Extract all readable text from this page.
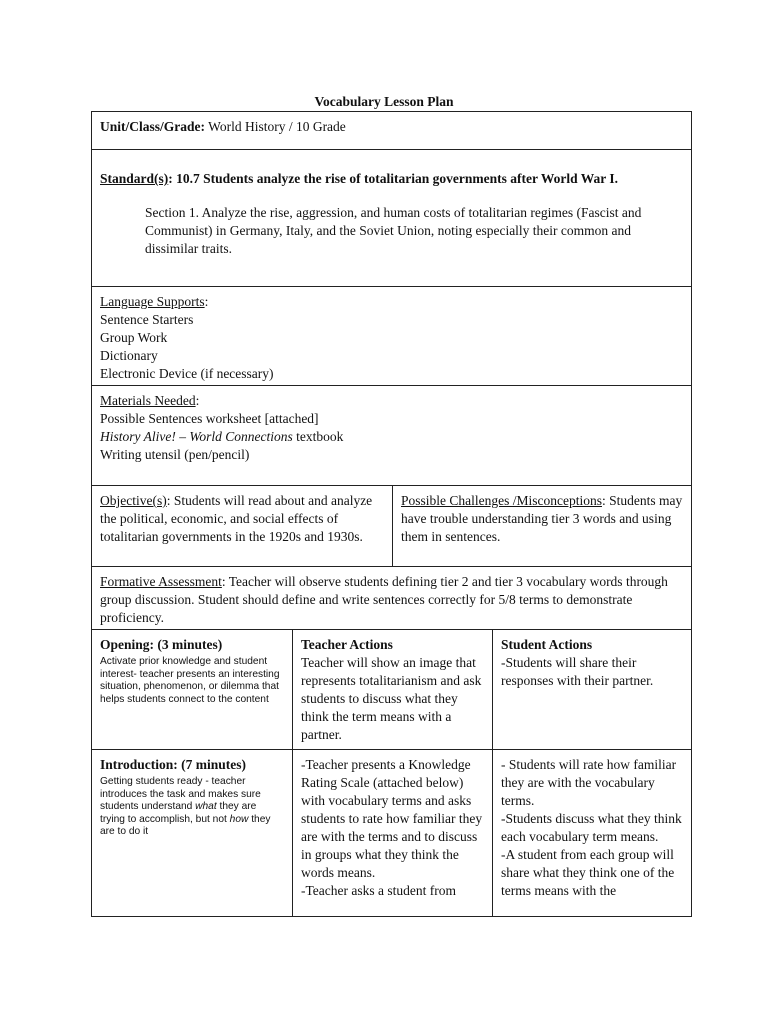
Vocabulary Lesson Plan
Unit/Class/Grade: World History / 10 Grade
Standard(s): 10.7 Students analyze the rise of totalitarian governments after World War I.
Section 1. Analyze the rise, aggression, and human costs of totalitarian regimes (Fascist and Communist) in Germany, Italy, and the Soviet Union, noting especially their common and dissimilar traits.
Language Supports:
Sentence Starters
Group Work
Dictionary
Electronic Device (if necessary)
Materials Needed:
Possible Sentences worksheet [attached]
History Alive! – World Connections textbook
Writing utensil (pen/pencil)
Objective(s): Students will read about and analyze the political, economic, and social effects of totalitarian governments in the 1920s and 1930s.
Possible Challenges /Misconceptions: Students may have trouble understanding tier 3 words and using them in sentences.
Formative Assessment: Teacher will observe students defining tier 2 and tier 3 vocabulary words through group discussion. Student should define and write sentences correctly for 5/8 terms to demonstrate proficiency.
Opening: (3 minutes)
Activate prior knowledge and student interest- teacher presents an interesting situation, phenomenon, or dilemma that helps students connect to the content
Teacher Actions
Teacher will show an image that represents totalitarianism and ask students to discuss what they think the term means with a partner.
Student Actions
-Students will share their responses with their partner.
Introduction: (7 minutes)
Getting students ready - teacher introduces the task and makes sure students understand what they are trying to accomplish, but not how they are to do it
-Teacher presents a Knowledge Rating Scale (attached below) with vocabulary terms and asks students to rate how familiar they are with the terms and to discuss in groups what they think the words means.
-Teacher asks a student from
- Students will rate how familiar they are with the vocabulary terms.
-Students discuss what they think each vocabulary term means.
-A student from each group will share what they think one of the terms means with the
